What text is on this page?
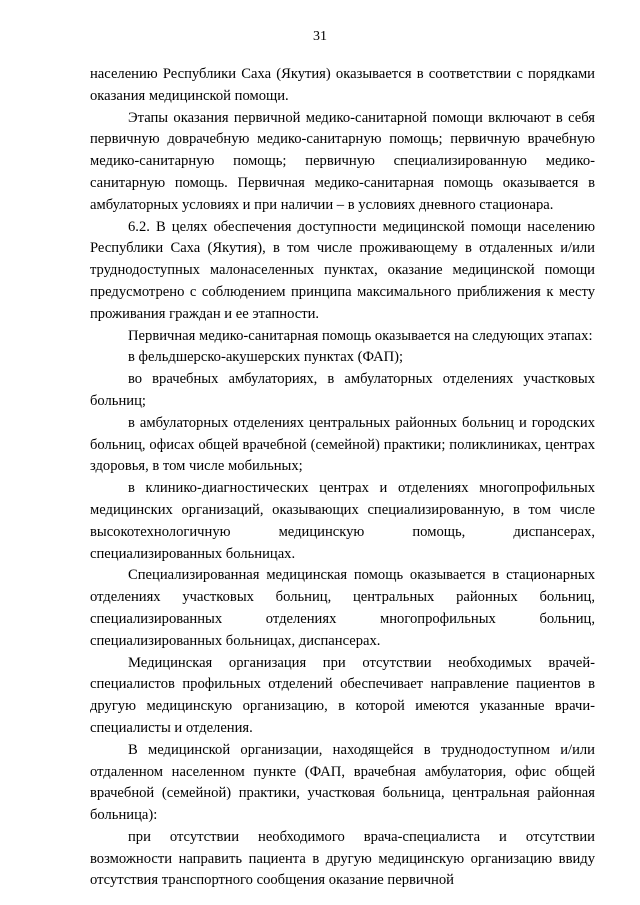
31

населению Республики Саха (Якутия) оказывается в соответствии с порядками оказания медицинской помощи.

Этапы оказания первичной медико-санитарной помощи включают в себя первичную доврачебную медико-санитарную помощь; первичную врачебную медико-санитарную помощь; первичную специализированную медико-санитарную помощь. Первичная медико-санитарная помощь оказывается в амбулаторных условиях и при наличии – в условиях дневного стационара.

6.2. В целях обеспечения доступности медицинской помощи населению Республики Саха (Якутия), в том числе проживающему в отдаленных и/или труднодоступных малонаселенных пунктах, оказание медицинской помощи предусмотрено с соблюдением принципа максимального приближения к месту проживания граждан и ее этапности.

Первичная медико-санитарная помощь оказывается на следующих этапах:

в фельдшерско-акушерских пунктах (ФАП);

во врачебных амбулаториях, в амбулаторных отделениях участковых больниц;

в амбулаторных отделениях центральных районных больниц и городских больниц, офисах общей врачебной (семейной) практики; поликлиниках, центрах здоровья, в том числе мобильных;

в клинико-диагностических центрах и отделениях многопрофильных медицинских организаций, оказывающих специализированную, в том числе высокотехнологичную медицинскую помощь, диспансерах, специализированных больницах.

Специализированная медицинская помощь оказывается в стационарных отделениях участковых больниц, центральных районных больниц, специализированных отделениях многопрофильных больниц, специализированных больницах, диспансерах.

Медицинская организация при отсутствии необходимых врачей-специалистов профильных отделений обеспечивает направление пациентов в другую медицинскую организацию, в которой имеются указанные врачи-специалисты и отделения.

В медицинской организации, находящейся в труднодоступном и/или отдаленном населенном пункте (ФАП, врачебная амбулатория, офис общей врачебной (семейной) практики, участковая больница, центральная районная больница):

при отсутствии необходимого врача-специалиста и отсутствии возможности направить пациента в другую медицинскую организацию ввиду отсутствия транспортного сообщения оказание первичной
